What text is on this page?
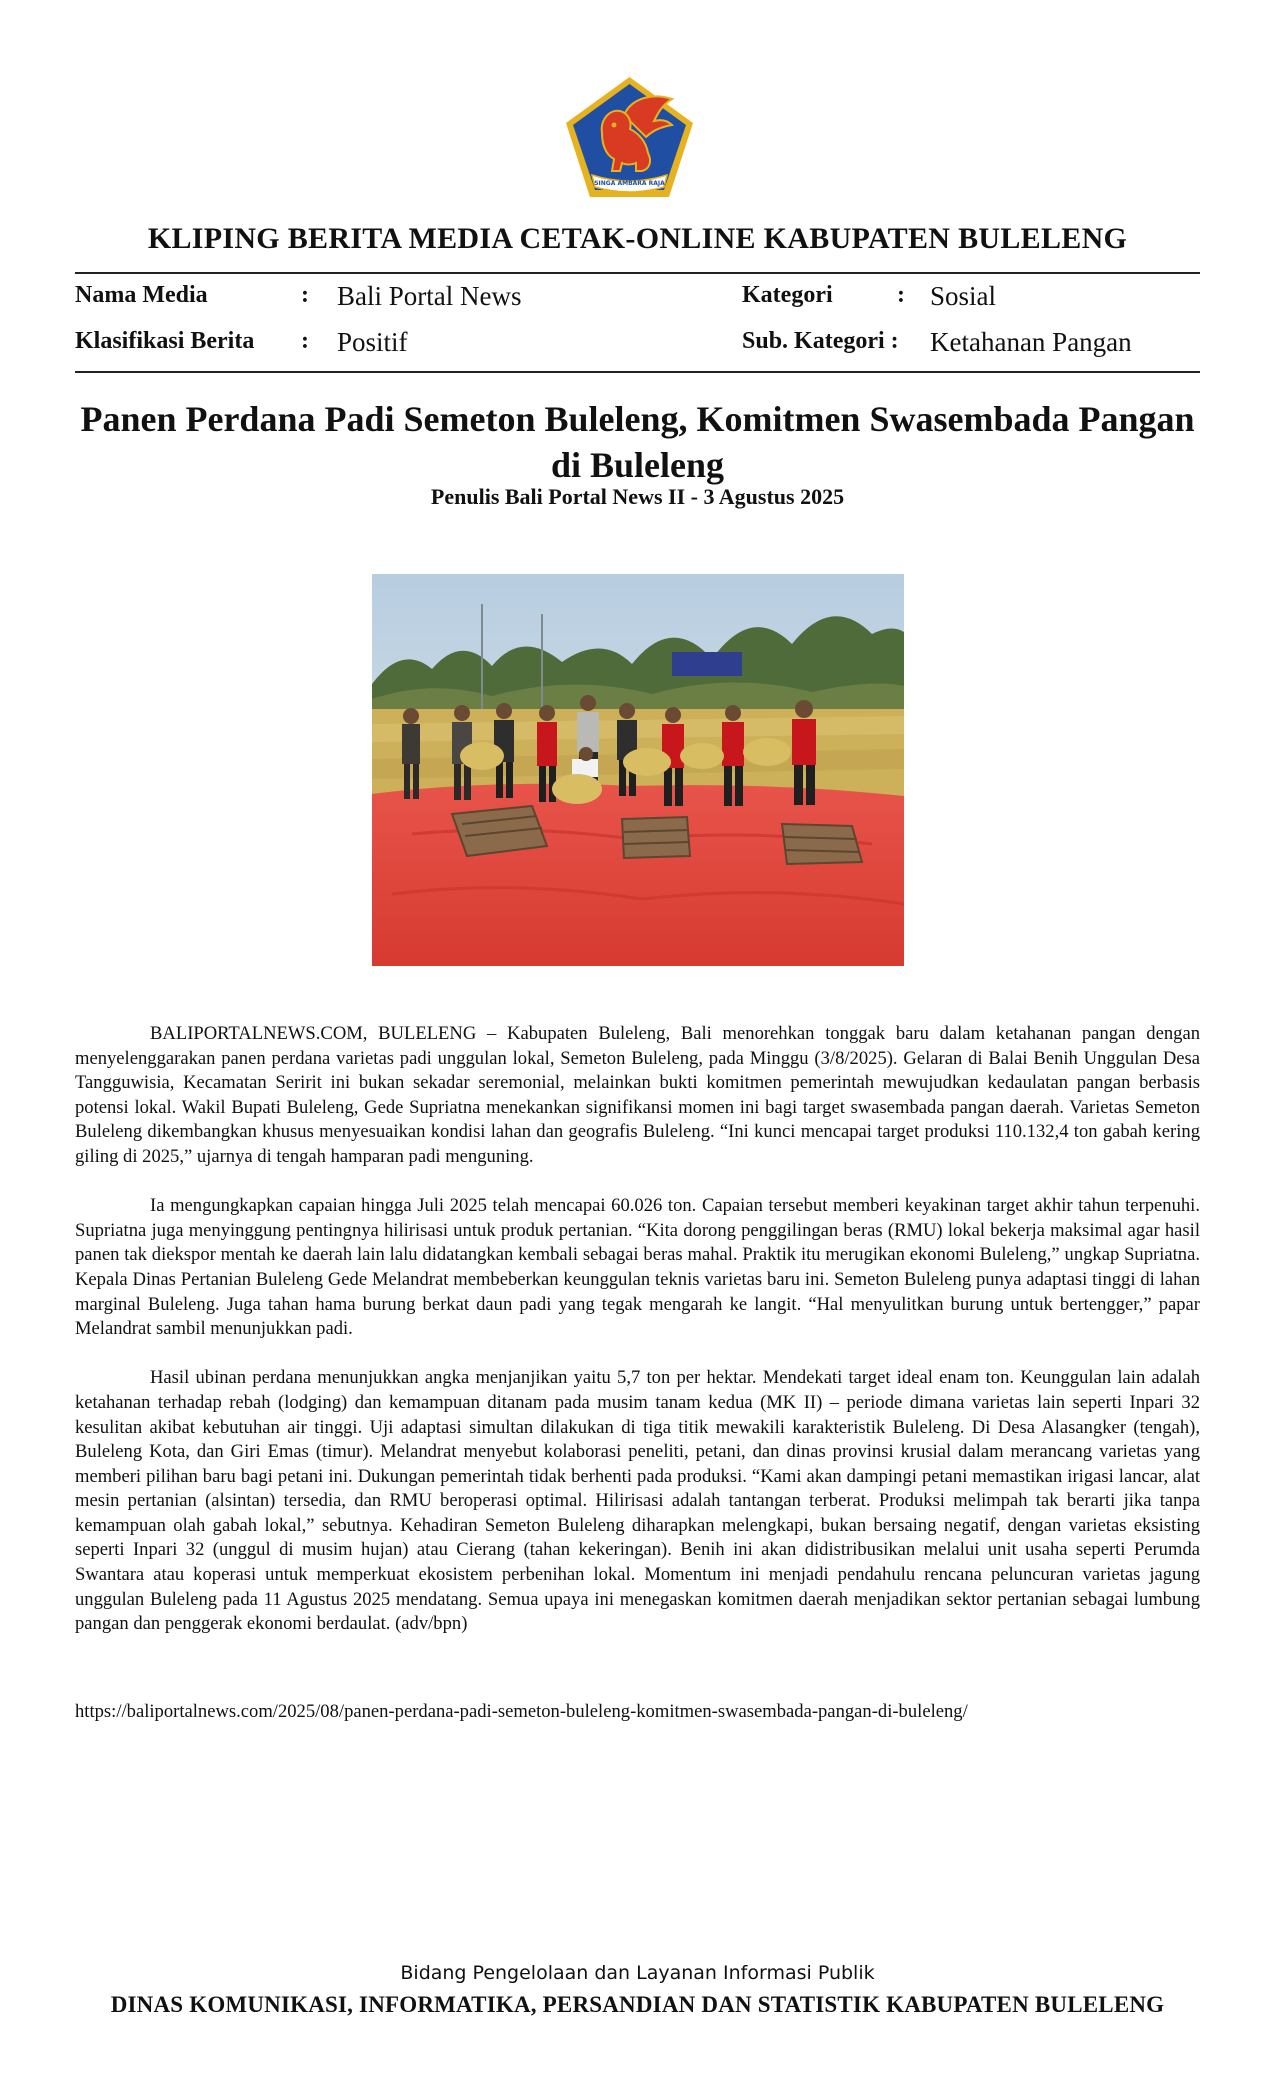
SINGA AMBARA RAJA
KLIPING BERITA MEDIA CETAK-ONLINE KABUPATEN BULELENG
Nama Media	: Bali Portal News
Klasifikasi Berita : Positif
Kategori	: Sosial
Sub. Kategori : Ketahanan Pangan
Panen Perdana Padi Semeton Buleleng, Komitmen Swasembada Pangan di Buleleng
Penulis Bali Portal News II - 3 Agustus 2025

BALIPORTALNEWS.COM, BULELENG – Kabupaten Buleleng, Bali menorehkan tonggak baru dalam ketahanan pangan dengan menyelenggarakan panen perdana varietas padi unggulan lokal, Semeton Buleleng, pada Minggu (3/8/2025). Gelaran di Balai Benih Unggulan Desa Tangguwisia, Kecamatan Seririt ini bukan sekadar seremonial, melainkan bukti komitmen pemerintah mewujudkan kedaulatan pangan berbasis potensi lokal. Wakil Bupati Buleleng, Gede Supriatna menekankan signifikansi momen ini bagi target swasembada pangan daerah. Varietas Semeton Buleleng dikembangkan khusus menyesuaikan kondisi lahan dan geografis Buleleng. “Ini kunci mencapai target produksi 110.132,4 ton gabah kering giling di 2025,” ujarnya di tengah hamparan padi menguning.

Ia mengungkapkan capaian hingga Juli 2025 telah mencapai 60.026 ton. Capaian tersebut memberi keyakinan target akhir tahun terpenuhi. Supriatna juga menyinggung pentingnya hilirisasi untuk produk pertanian. “Kita dorong penggilingan beras (RMU) lokal bekerja maksimal agar hasil panen tak diekspor mentah ke daerah lain lalu didatangkan kembali sebagai beras mahal. Praktik itu merugikan ekonomi Buleleng,” ungkap Supriatna. Kepala Dinas Pertanian Buleleng Gede Melandrat membeberkan keunggulan teknis varietas baru ini. Semeton Buleleng punya adaptasi tinggi di lahan marginal Buleleng. Juga tahan hama burung berkat daun padi yang tegak mengarah ke langit. “Hal menyulitkan burung untuk bertengger,” papar Melandrat sambil menunjukkan padi.

Hasil ubinan perdana menunjukkan angka menjanjikan yaitu 5,7 ton per hektar. Mendekati target ideal enam ton. Keunggulan lain adalah ketahanan terhadap rebah (lodging) dan kemampuan ditanam pada musim tanam kedua (MK II) – periode dimana varietas lain seperti Inpari 32 kesulitan akibat kebutuhan air tinggi. Uji adaptasi simultan dilakukan di tiga titik mewakili karakteristik Buleleng. Di Desa Alasangker (tengah), Buleleng Kota, dan Giri Emas (timur). Melandrat menyebut kolaborasi peneliti, petani, dan dinas provinsi krusial dalam merancang varietas yang memberi pilihan baru bagi petani ini. Dukungan pemerintah tidak berhenti pada produksi. “Kami akan dampingi petani memastikan irigasi lancar, alat mesin pertanian (alsintan) tersedia, dan RMU beroperasi optimal. Hilirisasi adalah tantangan terberat. Produksi melimpah tak berarti jika tanpa kemampuan olah gabah lokal,” sebutnya. Kehadiran Semeton Buleleng diharapkan melengkapi, bukan bersaing negatif, dengan varietas eksisting seperti Inpari 32 (unggul di musim hujan) atau Cierang (tahan kekeringan). Benih ini akan didistribusikan melalui unit usaha seperti Perumda Swantara atau koperasi untuk memperkuat ekosistem perbenihan lokal. Momentum ini menjadi pendahulu rencana peluncuran varietas jagung unggulan Buleleng pada 11 Agustus 2025 mendatang. Semua upaya ini menegaskan komitmen daerah menjadikan sektor pertanian sebagai lumbung pangan dan penggerak ekonomi berdaulat. (adv/bpn)

https://baliportalnews.com/2025/08/panen-perdana-padi-semeton-buleleng-komitmen-swasembada-pangan-di-buleleng/
Bidang Pengelolaan dan Layanan Informasi Publik
DINAS KOMUNIKASI, INFORMATIKA, PERSANDIAN DAN STATISTIK KABUPATEN BULELENG
